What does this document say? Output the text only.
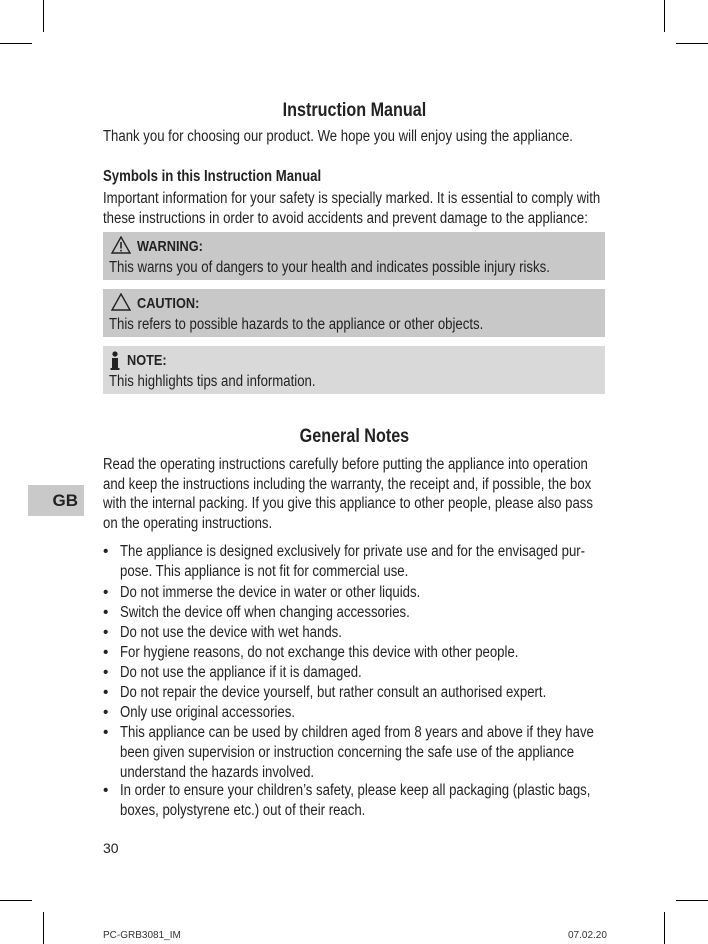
GB
Instruction Manual
Thank you for choosing our product. We hope you will enjoy using the appliance.
Symbols in this Instruction Manual
Important information for your safety is specially marked. It is essential to comply with
these instructions in order to avoid accidents and prevent damage to the appliance:
WARNING:
This warns you of dangers to your health and indicates possible injury risks.
CAUTION:
This refers to possible hazards to the appliance or other objects.
NOTE:
This highlights tips and information.
General Notes
Read the operating instructions carefully before putting the appliance into operation
and keep the instructions including the warranty, the receipt and, if possible, the box
with the internal packing. If you give this appliance to other people, please also pass
on the operating instructions.
• The appliance is designed exclusively for private use and for the envisaged pur-
pose. This appliance is not fit for commercial use.
• Do not immerse the device in water or other liquids.
• Switch the device off when changing accessories.
• Do not use the device with wet hands.
• For hygiene reasons, do not exchange this device with other people.
• Do not use the appliance if it is damaged.
• Do not repair the device yourself, but rather consult an authorised expert.
• Only use original accessories.
• This appliance can be used by children aged from 8 years and above if they have
been given supervision or instruction concerning the safe use of the appliance
understand the hazards involved.
• In order to ensure your children’s safety, please keep all packaging (plastic bags,
boxes, polystyrene etc.) out of their reach.
30
PC-GRB3081_IM	07.02.20
